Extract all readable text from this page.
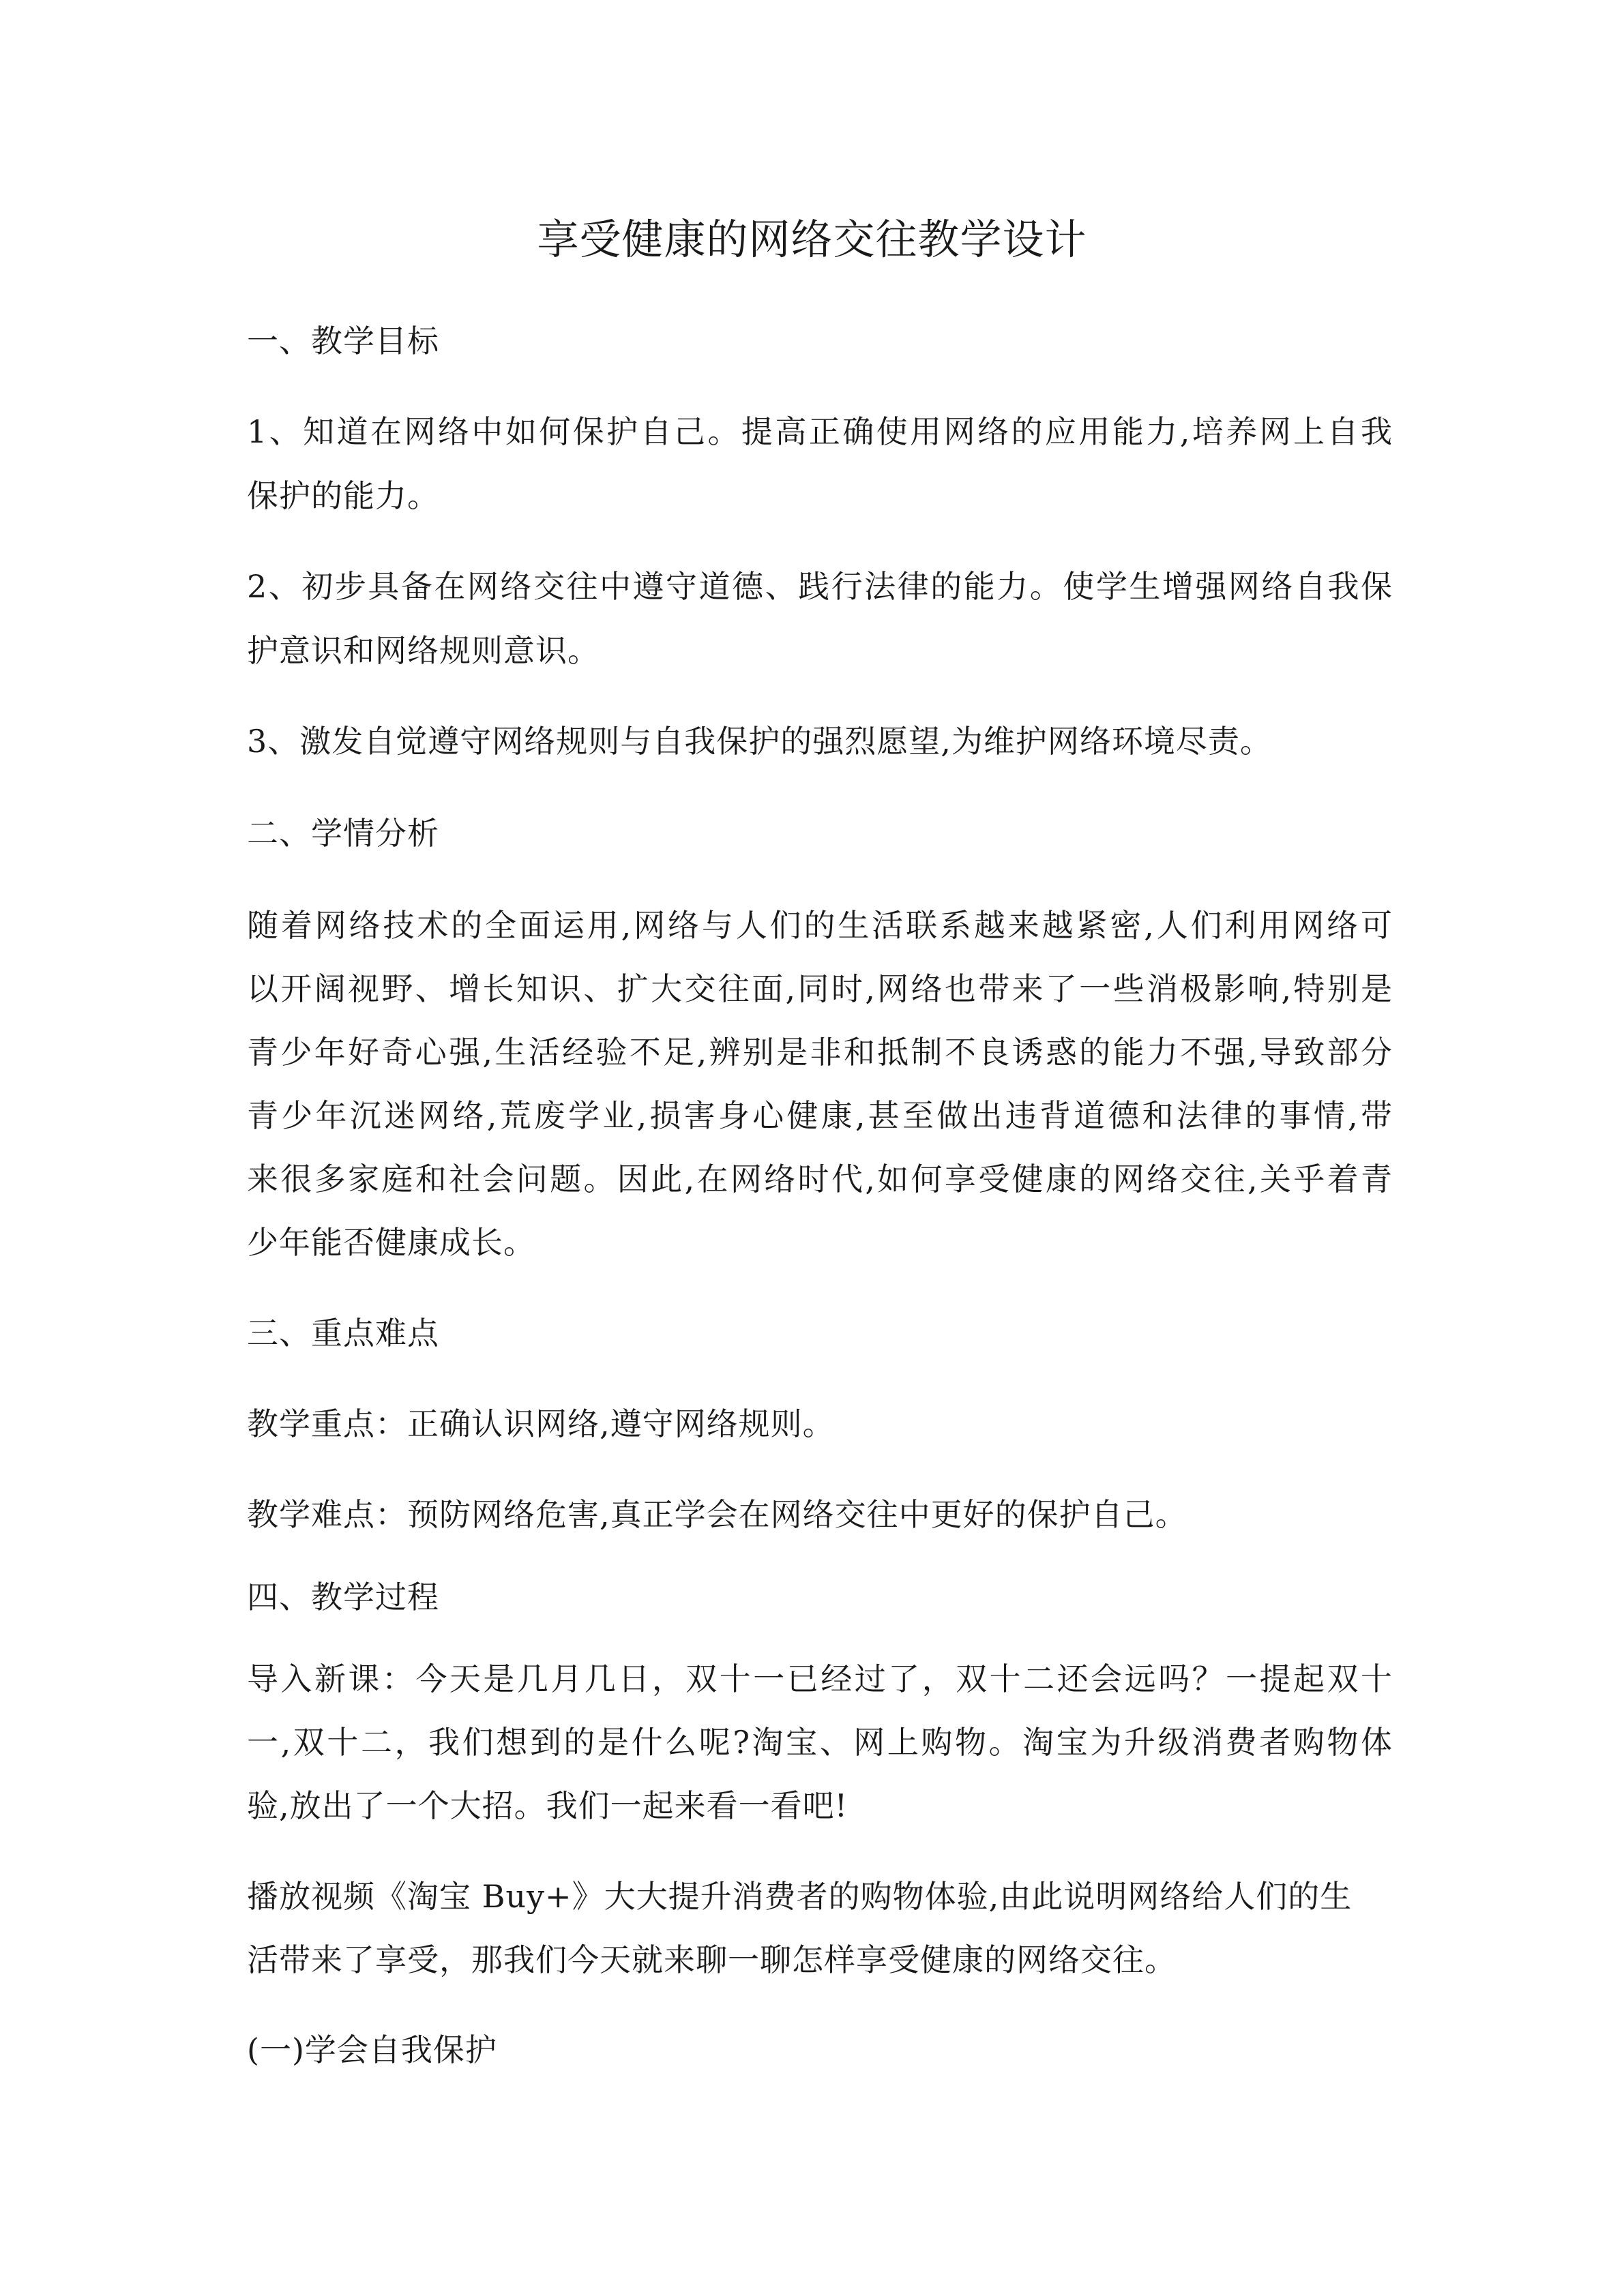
享受健康的网络交往教学设计

一、教学目标

1、知道在网络中如何保护自己。提高正确使用网络的应用能力,培养网上自我

保护的能力。

2、初步具备在网络交往中遵守道德、践行法律的能力。使学生增强网络自我保

护意识和网络规则意识。

3、激发自觉遵守网络规则与自我保护的强烈愿望,为维护网络环境尽责。

二、学情分析

随着网络技术的全面运用,网络与人们的生活联系越来越紧密,人们利用网络可

以开阔视野、增长知识、扩大交往面,同时,网络也带来了一些消极影响,特别是

青少年好奇心强,生活经验不足,辨别是非和抵制不良诱惑的能力不强,导致部分

青少年沉迷网络,荒废学业,损害身心健康,甚至做出违背道德和法律的事情,带

来很多家庭和社会问题。因此,在网络时代,如何享受健康的网络交往,关乎着青

少年能否健康成长。

三、重点难点

教学重点：正确认识网络,遵守网络规则。

教学难点：预防网络危害,真正学会在网络交往中更好的保护自己。

四、教学过程

导入新课：今天是几月几日，双十一已经过了，双十二还会远吗？一提起双十

一,双十二，我们想到的是什么呢?淘宝、网上购物。淘宝为升级消费者购物体

验,放出了一个大招。我们一起来看一看吧!

播放视频《淘宝 Buy+》大大提升消费者的购物体验,由此说明网络给人们的生

活带来了享受，那我们今天就来聊一聊怎样享受健康的网络交往。

(一)学会自我保护
